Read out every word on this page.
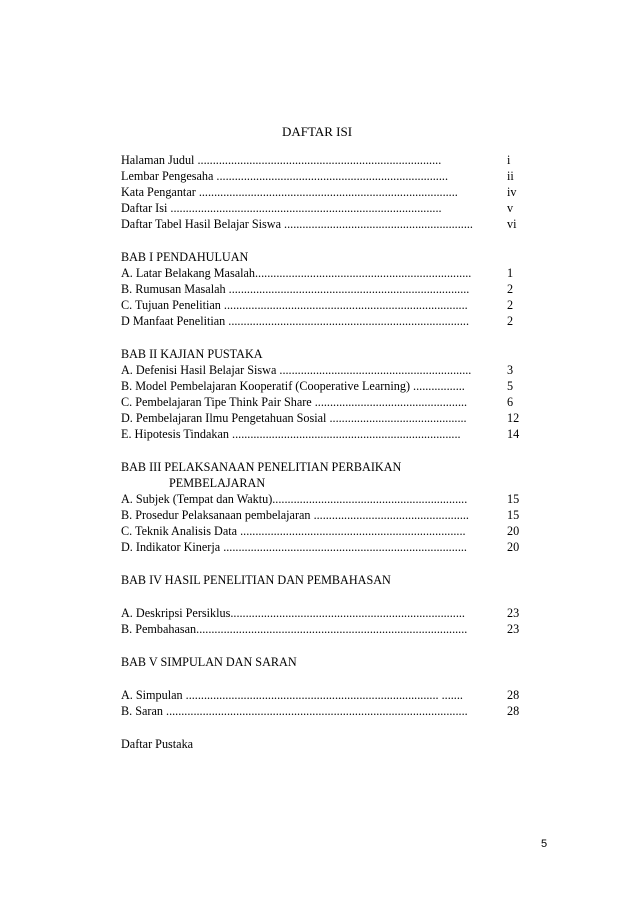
DAFTAR ISI
Halaman Judul ................................................................................	i
Lembar Pengesaha ............................................................................	ii
Kata Pengantar .....................................................................................	iv
Daftar Isi .........................................................................................	v
Daftar Tabel Hasil Belajar Siswa ..............................................................	vi
BAB I PENDAHULUAN
A. Latar Belakang Masalah.......................................................................	1
B. Rumusan Masalah ...............................................................................	2
C. Tujuan Penelitian ................................................................................	2
D Manfaat Penelitian ...............................................................................	2
BAB II KAJIAN PUSTAKA
A. Defenisi Hasil Belajar Siswa ...............................................................	3
B. Model Pembelajaran Kooperatif (Cooperative Learning) .................	5
C. Pembelajaran Tipe Think Pair Share ..................................................	6
D. Pembelajaran Ilmu Pengetahuan Sosial .............................................	12
E. Hipotesis Tindakan ...........................................................................	14
BAB III PELAKSANAAN PENELITIAN PERBAIKAN
PEMBELAJARAN
A. Subjek (Tempat dan Waktu)................................................................	15
B. Prosedur Pelaksanaan pembelajaran ...................................................	15
C. Teknik Analisis Data ..........................................................................	20
D. Indikator Kinerja ................................................................................	20
BAB IV HASIL PENELITIAN DAN PEMBAHASAN
A. Deskripsi Persiklus.............................................................................	23
B. Pembahasan.........................................................................................	23
BAB V SIMPULAN DAN SARAN
A. Simpulan ................................................................................... .......	28
B. Saran ...................................................................................................	28
Daftar Pustaka
5
